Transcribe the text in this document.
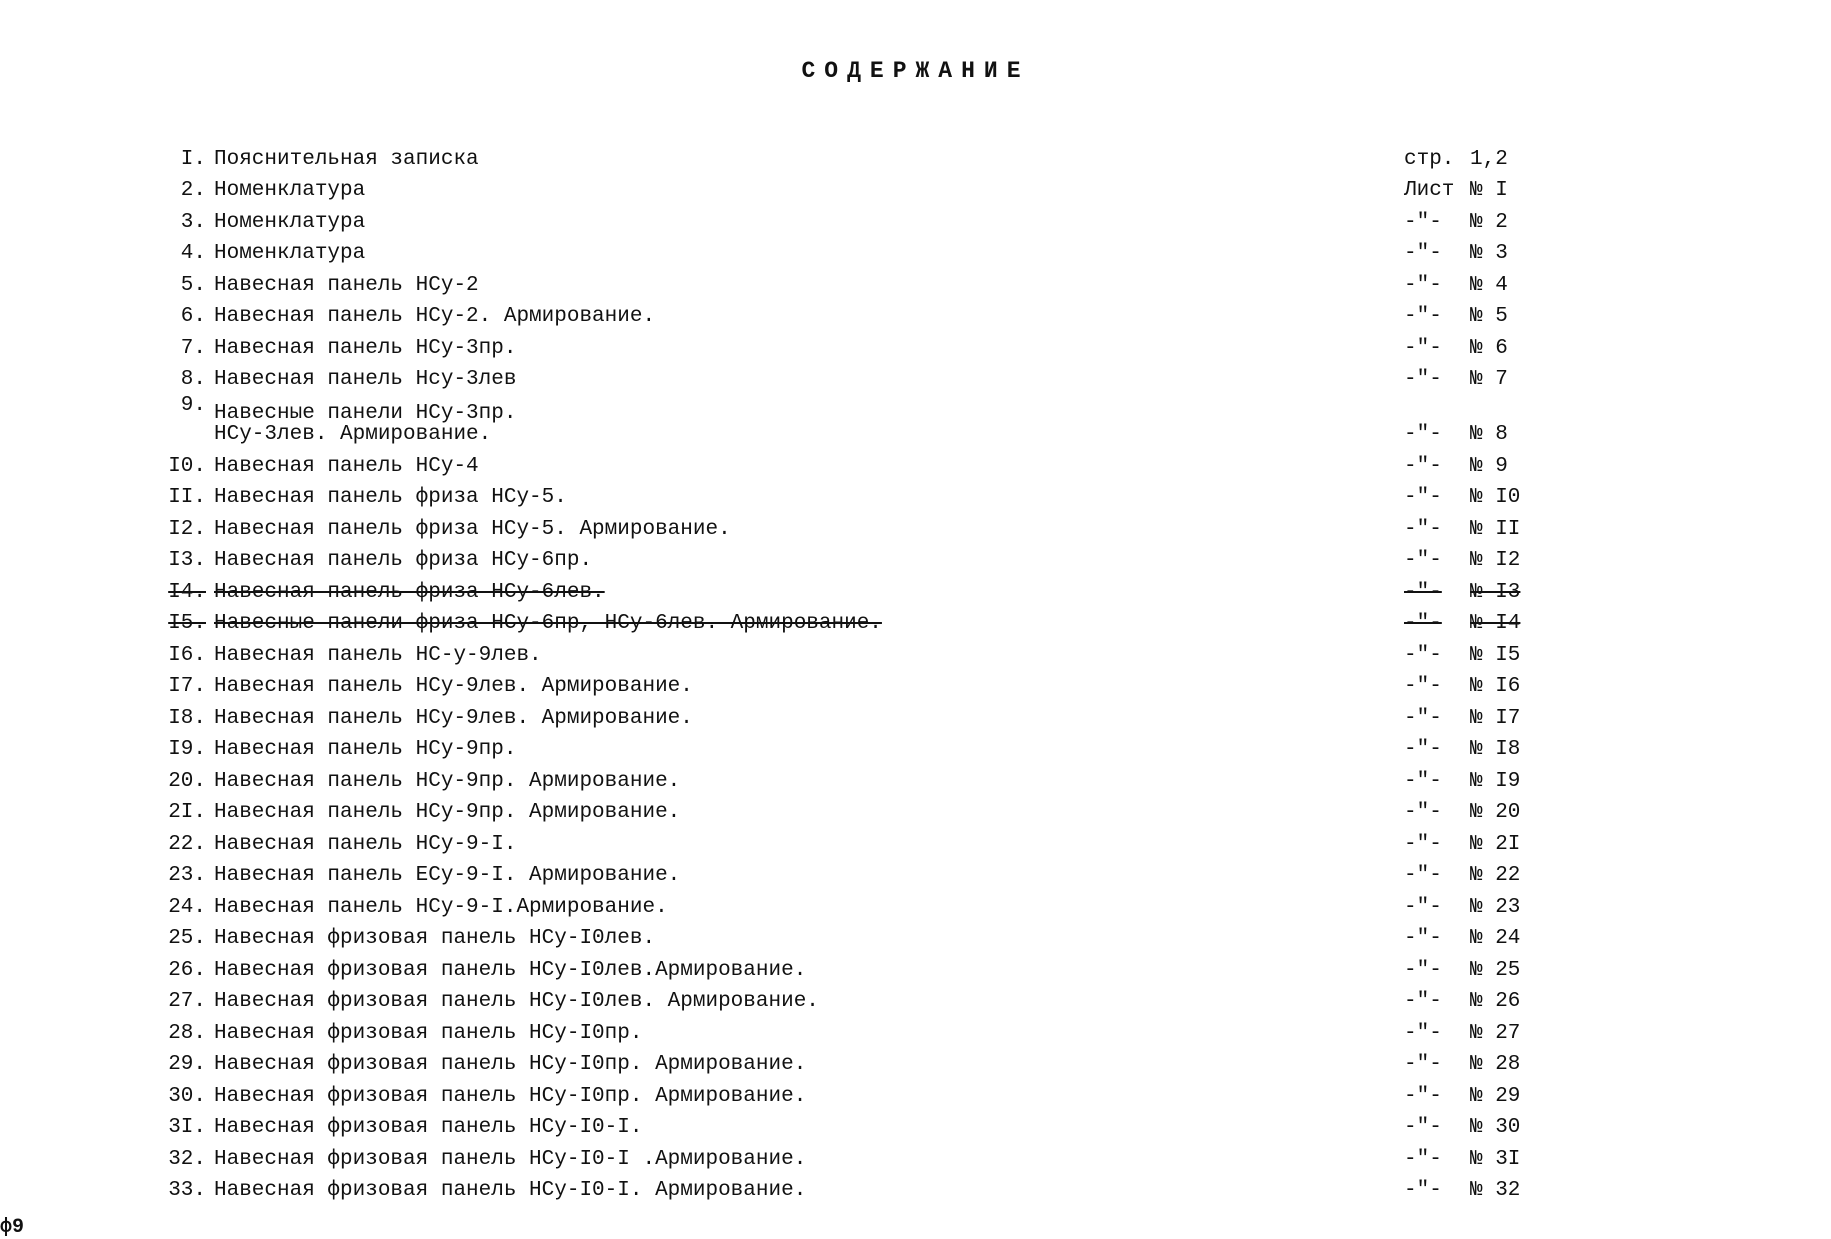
СОДЕРЖАНИЕ
I. Пояснительная записка	стр. 1,2
2. Номенклатура	Лист № I
3. Номенклатура	-"-	№ 2
4. Номенклатура	-"-	№ 3
5. Навесная панель НСу-2	-"-	№ 4
6. Навесная панель НСу-2. Армирование.	-"-	№ 5
7. Навесная панель НСу-3пр.	-"-	№ 6
8. Навесная панель Нсу-3лев	-"-	№ 7
9. Навесные панели НСу-3пр.
НСу-3лев. Армирование.	-"-	№ 8
I0. Навесная панель НСу-4	-"-	№ 9
II. Навесная панель фриза НСу-5.	-"-	№ I0
I2. Навесная панель фриза НСу-5. Армирование.	-"-	№ II
I3. Навесная панель фриза НСу-6пр.	-"-	№ I2
I4. Навесная панель фриза НСу-6лев.	-"-	№ I3
I5. Навесные панели фриза НСу-6пр, НСу-6лев. Армирование.	-"-	№ I4
I6. Навесная панель НС-у-9лев.	-"-	№ I5
I7. Навесная панель НСу-9лев. Армирование.	-"-	№ I6
I8. Навесная панель НСу-9лев. Армирование.	-"-	№ I7
I9. Навесная панель НСу-9пр.	-"-	№ I8
20. Навесная панель НСу-9пр. Армирование.	-"-	№ I9
2I. Навесная панель НСу-9пр. Армирование.	-"-	№ 20
22. Навесная панель НСу-9-I.	-"-	№ 2I
23. Навесная панель ЕСу-9-I. Армирование.	-"-	№ 22
24. Навесная панель НСу-9-I.Армирование.	-"-	№ 23
25. Навесная фризовая панель НСу-I0лев.	-"-	№ 24
26. Навесная фризовая панель НСу-I0лев.Армирование.	-"-	№ 25
27. Навесная фризовая панель НСу-I0лев. Армирование.	-"-	№ 26
28. Навесная фризовая панель НСу-I0пр.	-"-	№ 27
29. Навесная фризовая панель НСу-I0пр. Армирование.	-"-	№ 28
30. Навесная фризовая панель НСу-I0пр. Армирование.	-"-	№ 29
3I. Навесная фризовая панель НСу-I0-I.	-"-	№ 30
32. Навесная фризовая панель НСу-I0-I .Армирование.	-"-	№ 3I
33. Навесная фризовая панель НСу-I0-I. Армирование.	-"-	№ 32
ф9
